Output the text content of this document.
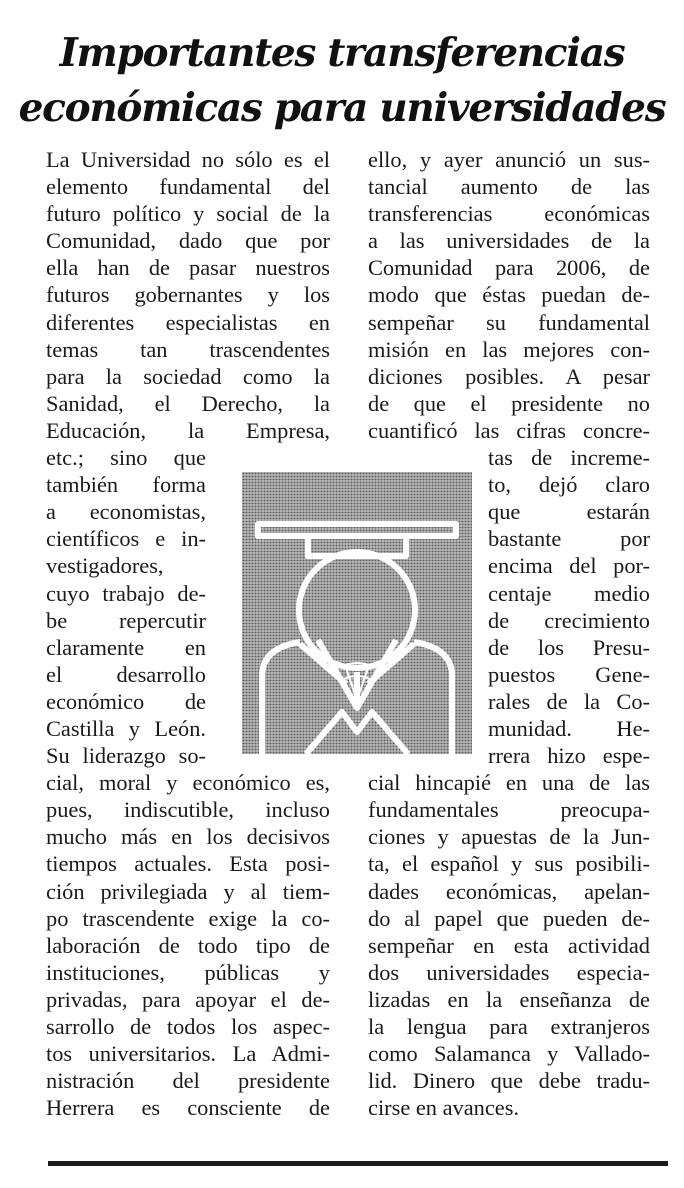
Importantes transferencias
económicas para universidades
La Universidad no sólo es el
elemento fundamental del
futuro político y social de la
Comunidad, dado que por
ella han de pasar nuestros
futuros gobernantes y los
diferentes especialistas en
temas tan trascendentes
para la sociedad como la
Sanidad, el Derecho, la
Educación, la Empresa,
etc.; sino que
también forma
a economistas,
científicos e in-
vestigadores,
cuyo trabajo de-
be repercutir
claramente en
el desarrollo
económico de
Castilla y León.
Su liderazgo so-
cial, moral y económico es,
pues, indiscutible, incluso
mucho más en los decisivos
tiempos actuales. Esta posi-
ción privilegiada y al tiem-
po trascendente exige la co-
laboración de todo tipo de
instituciones, públicas y
privadas, para apoyar el de-
sarrollo de todos los aspec-
tos universitarios. La Admi-
nistración del presidente
Herrera es consciente de
ello, y ayer anunció un sus-
tancial aumento de las
transferencias económicas
a las universidades de la
Comunidad para 2006, de
modo que éstas puedan de-
sempeñar su fundamental
misión en las mejores con-
diciones posibles. A pesar
de que el presidente no
cuantificó las cifras concre-
tas de increme-
to, dejó claro
que estarán
bastante por
encima del por-
centaje medio
de crecimiento
de los Presu-
puestos Gene-
rales de la Co-
munidad. He-
rrera hizo espe-
cial hincapié en una de las
fundamentales preocupa-
ciones y apuestas de la Jun-
ta, el español y sus posibili-
dades económicas, apelan-
do al papel que pueden de-
sempeñar en esta actividad
dos universidades especia-
lizadas en la enseñanza de
la lengua para extranjeros
como Salamanca y Vallado-
lid. Dinero que debe tradu-
cirse en avances.
